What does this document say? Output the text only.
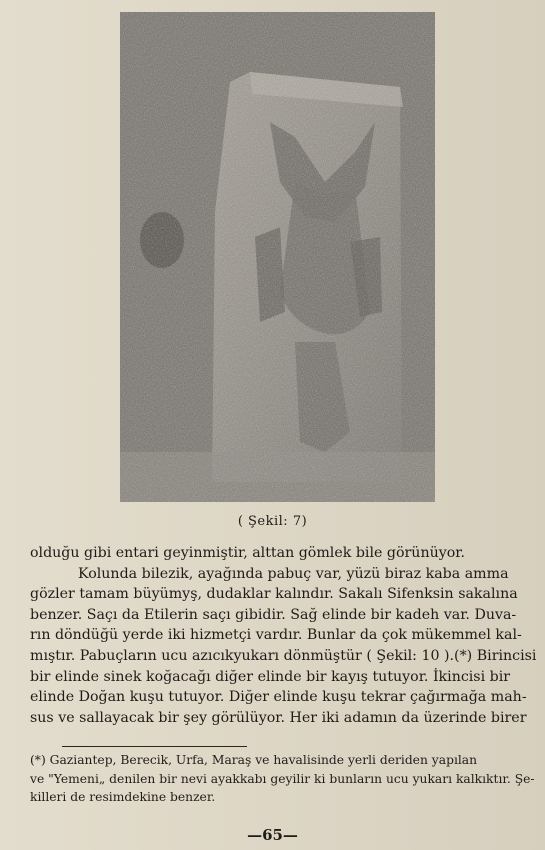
( Şekil: 7)
olduğu gibi entari geyinmiştir, alttan gömlek bile görünüyor.
Kolunda bilezik, ayağında pabuç var, yüzü biraz kaba amma
gözler tamam büyümyş, dudaklar kalındır. Sakalı Sifenksin sakalına
benzer. Saçı da Etilerin saçı gibidir. Sağ elinde bir kadeh var. Duva-
rın döndüğü yerde iki hizmetçi vardır. Bunlar da çok mükemmel kal-
mıştır. Pabuçların ucu azıcıkyukarı dönmüştür ( Şekil: 10 ).(*) Birincisi
bir elinde sinek koğacağı diğer elinde bir kayış tutuyor. İkincisi bir
elinde Doğan kuşu tutuyor. Diğer elinde kuşu tekrar çağırmağa mah-
sus ve sallayacak bir şey görülüyor. Her iki adamın da üzerinde birer
(*) Gaziantep, Berecik, Urfa, Maraş ve havalisinde yerli deriden yapılan
ve "Yemeni„ denilen bir nevi ayakkabı geyilir ki bunların ucu yukarı kalkıktır. Şe-
killeri de resimdekine benzer.
—65—
